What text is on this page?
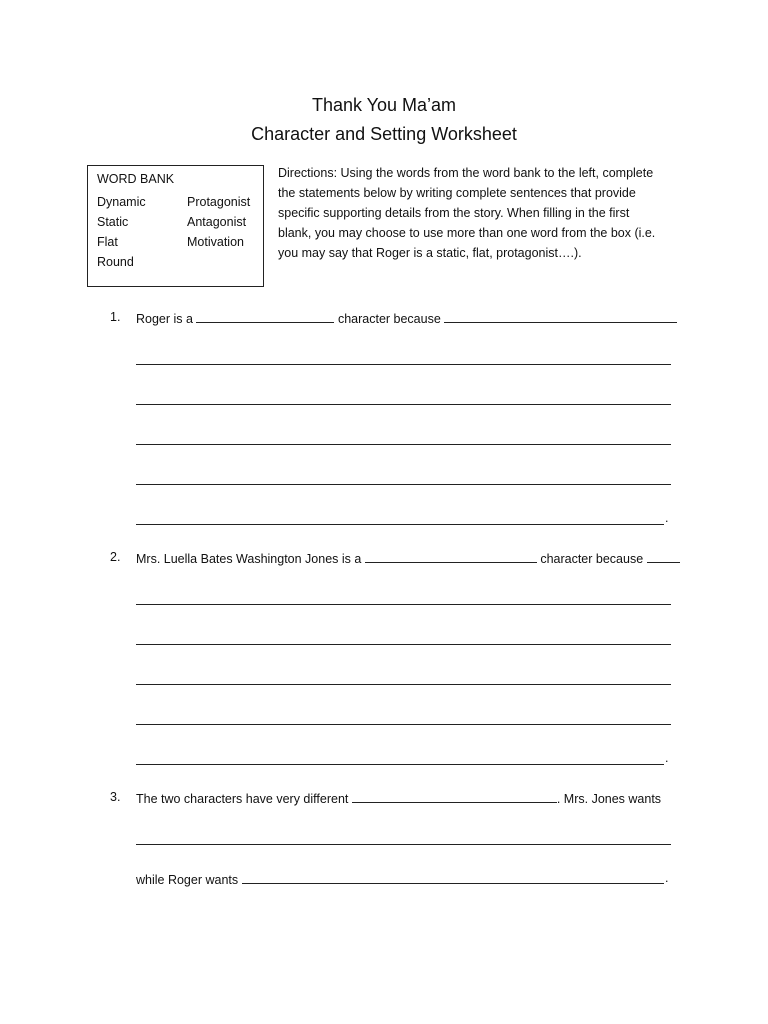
Thank You Ma’am
Character and Setting Worksheet
WORD BANK
Dynamic
Static
Flat
Round
Protagonist
Antagonist
Motivation
Directions: Using the words from the word bank to the left, complete
the statements below by writing complete sentences that provide
specific supporting details from the story. When filling in the first
blank, you may choose to use more than one word from the box (i.e.
you may say that Roger is a static, flat, protagonist….).
1. Roger is a	character because
.
2. Mrs. Luella Bates Washington Jones is a	character because
.
3. The two characters have very different	. Mrs. Jones wants
while Roger wants	.
